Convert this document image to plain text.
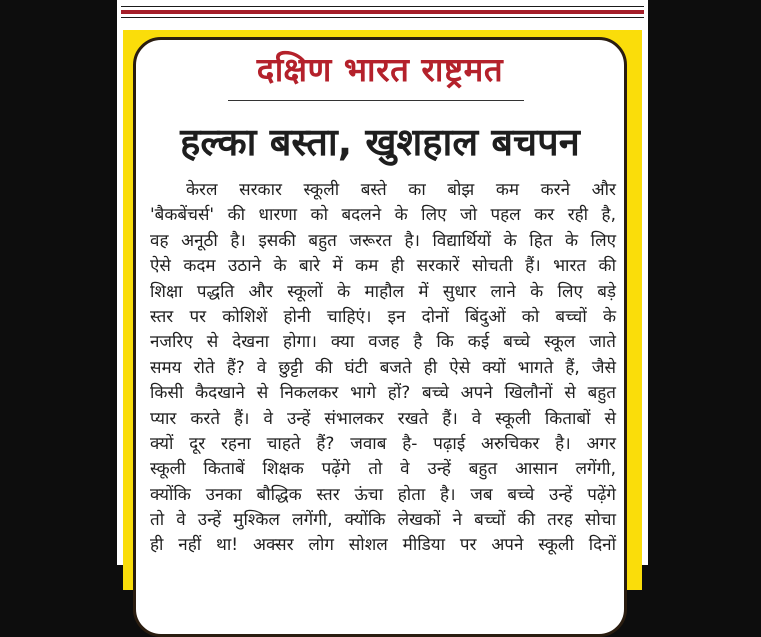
दक्षिण भारत राष्ट्रमत
हल्का बस्ता, खुशहाल बचपन
केरल सरकार स्कूली बस्ते का बोझ कम करने और
'बैकबेंचर्स' की धारणा को बदलने के लिए जो पहल कर रही है,
वह अनूठी है। इसकी बहुत जरूरत है। विद्यार्थियों के हित के लिए
ऐसे कदम उठाने के बारे में कम ही सरकारें सोचती हैं। भारत की
शिक्षा पद्धति और स्कूलों के माहौल में सुधार लाने के लिए बड़े
स्तर पर कोशिशें होनी चाहिएं। इन दोनों बिंदुओं को बच्चों के
नजरिए से देखना होगा। क्या वजह है कि कई बच्चे स्कूल जाते
समय रोते हैं? वे छुट्टी की घंटी बजते ही ऐसे क्यों भागते हैं, जैसे
किसी कैदखाने से निकलकर भागे हों? बच्चे अपने खिलौनों से बहुत
प्यार करते हैं। वे उन्हें संभालकर रखते हैं। वे स्कूली किताबों से
क्यों दूर रहना चाहते हैं? जवाब है- पढ़ाई अरुचिकर है। अगर
स्कूली किताबें शिक्षक पढ़ेंगे तो वे उन्हें बहुत आसान लगेंगी,
क्योंकि उनका बौद्धिक स्तर ऊंचा होता है। जब बच्चे उन्हें पढ़ेंगे
तो वे उन्हें मुश्किल लगेंगी, क्योंकि लेखकों ने बच्चों की तरह सोचा
ही नहीं था! अक्सर लोग सोशल मीडिया पर अपने स्कूली दिनों
